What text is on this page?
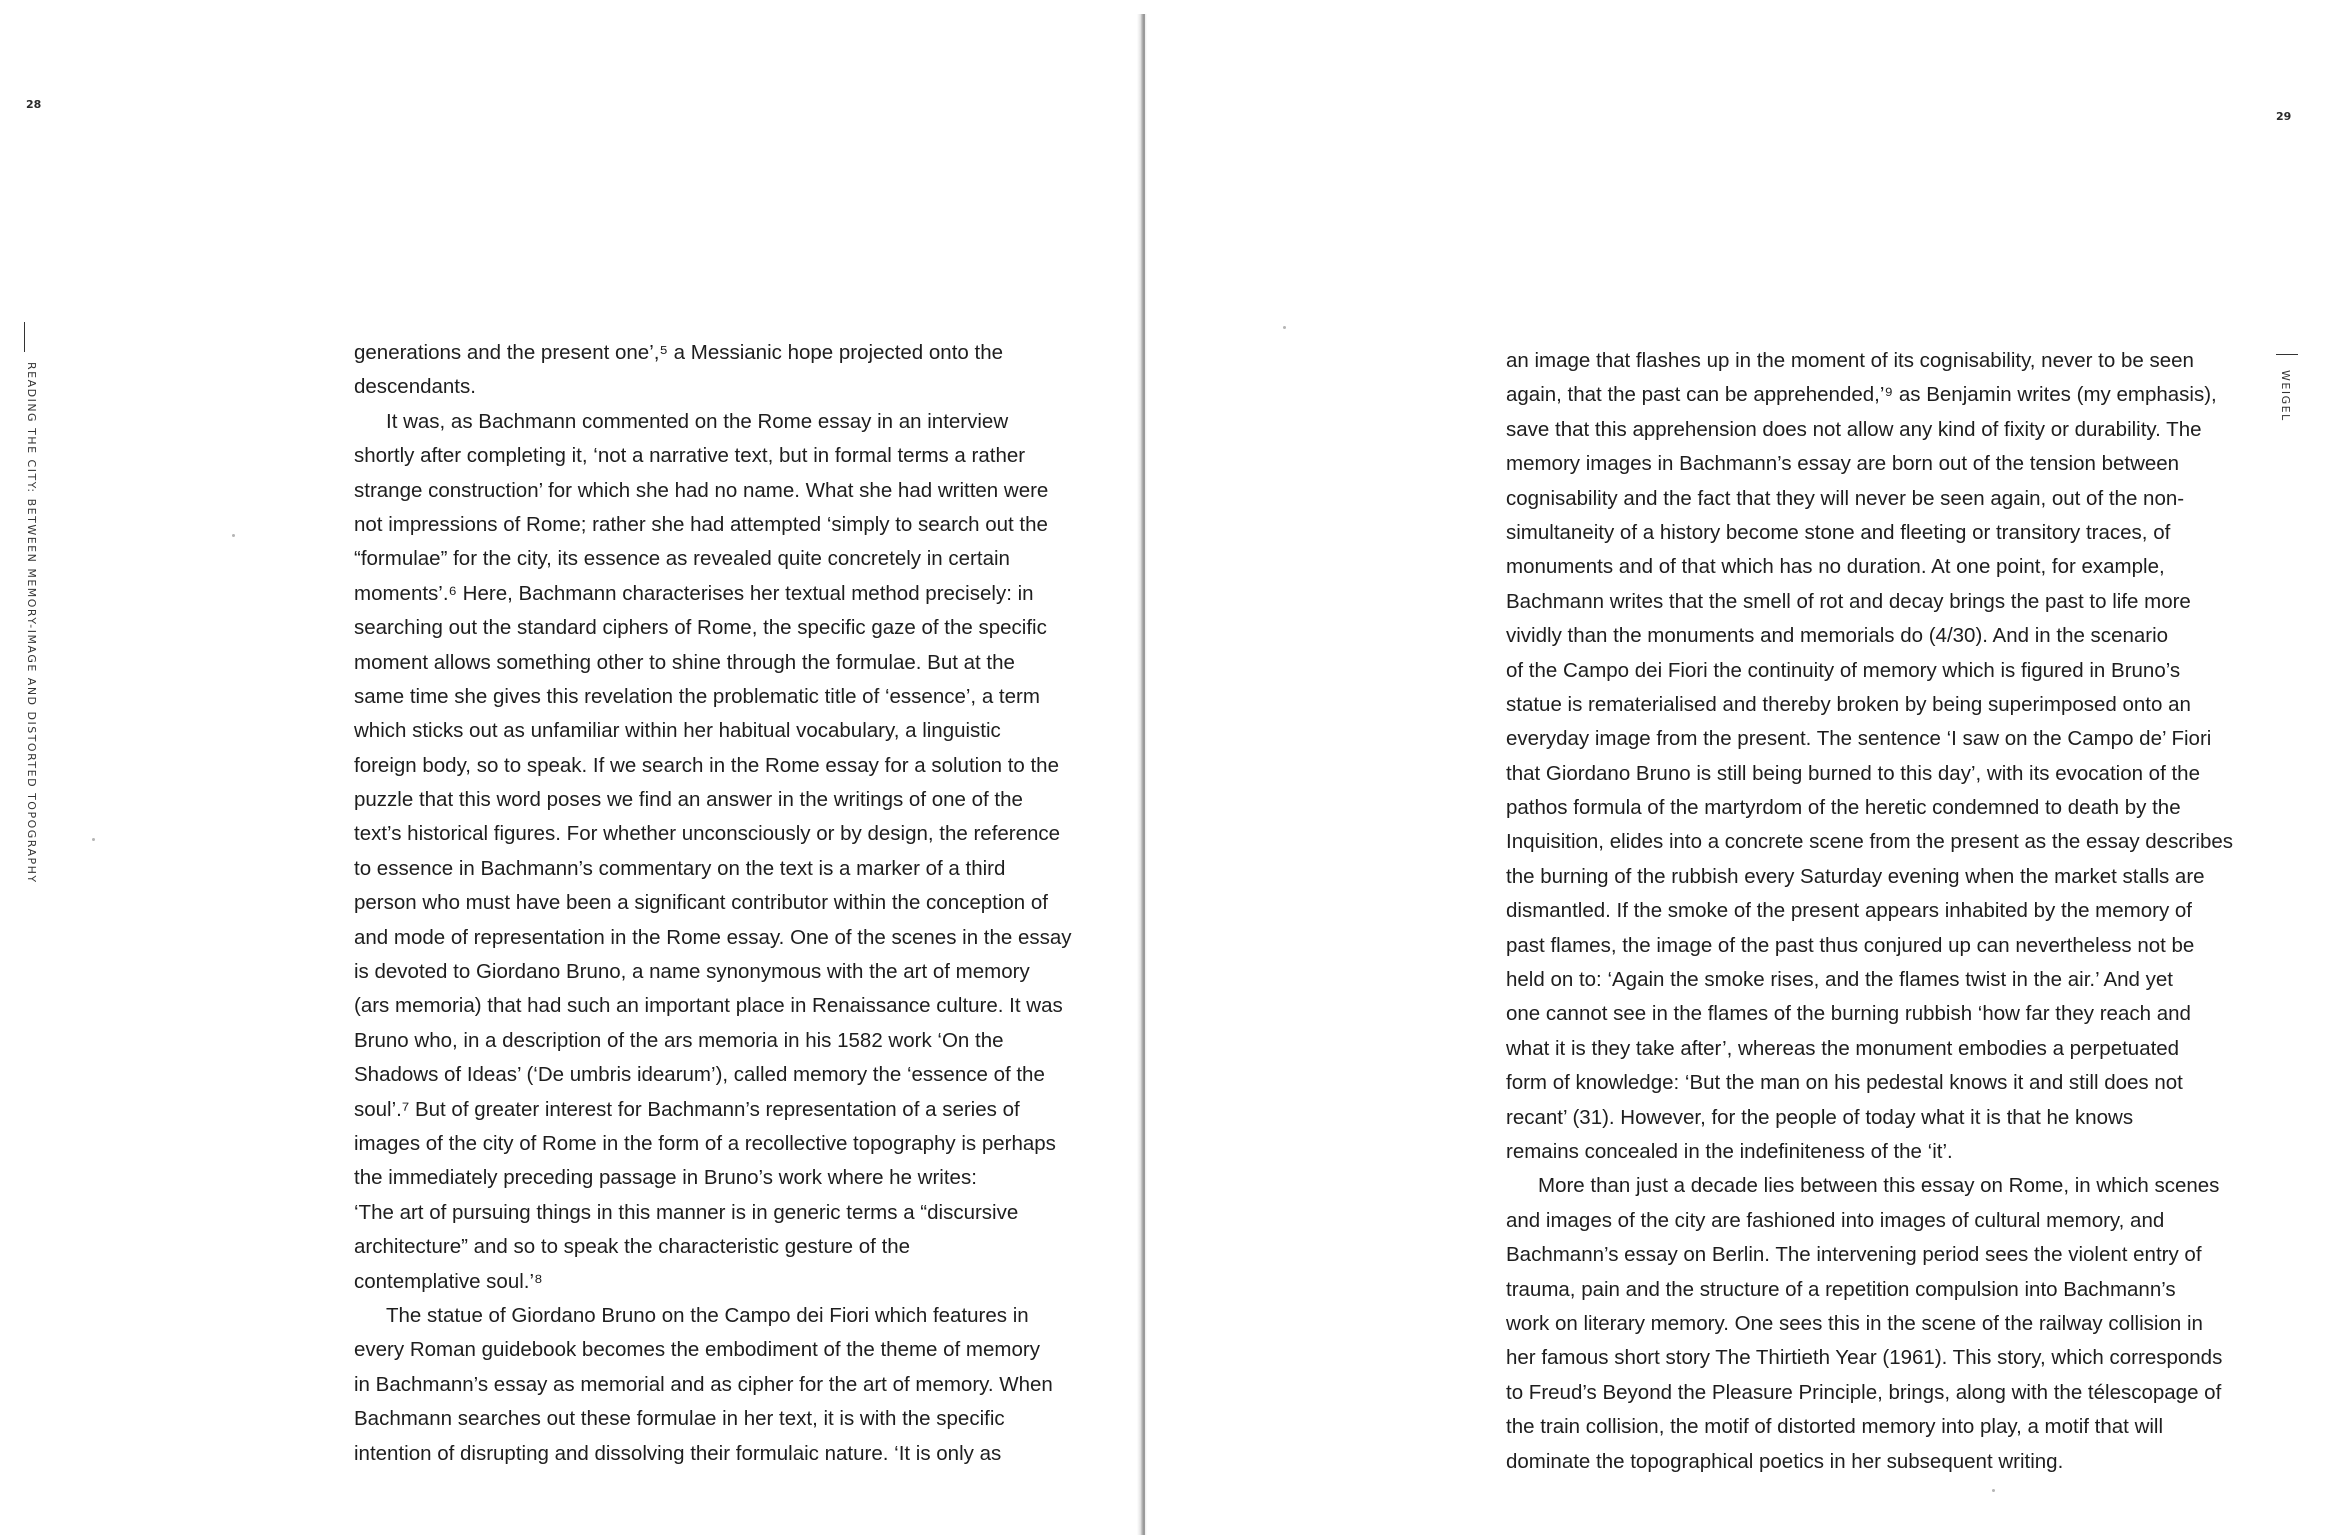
28
READING THE CITY: BETWEEN MEMORY-IMAGE AND DISTORTED TOPOGRAPHY
generations and the present one’,⁵ a Messianic hope projected onto the
descendants.
It was, as Bachmann commented on the Rome essay in an interview
shortly after completing it, ‘not a narrative text, but in formal terms a rather
strange construction’ for which she had no name. What she had written were
not impressions of Rome; rather she had attempted ‘simply to search out the
“formulae” for the city, its essence as revealed quite concretely in certain
moments’.⁶ Here, Bachmann characterises her textual method precisely: in
searching out the standard ciphers of Rome, the specific gaze of the specific
moment allows something other to shine through the formulae. But at the
same time she gives this revelation the problematic title of ‘essence’, a term
which sticks out as unfamiliar within her habitual vocabulary, a linguistic
foreign body, so to speak. If we search in the Rome essay for a solution to the
puzzle that this word poses we find an answer in the writings of one of the
text’s historical figures. For whether unconsciously or by design, the reference
to essence in Bachmann’s commentary on the text is a marker of a third
person who must have been a significant contributor within the conception of
and mode of representation in the Rome essay. One of the scenes in the essay
is devoted to Giordano Bruno, a name synonymous with the art of memory
(ars memoria) that had such an important place in Renaissance culture. It was
Bruno who, in a description of the ars memoria in his 1582 work ‘On the
Shadows of Ideas’ (‘De umbris idearum’), called memory the ‘essence of the
soul’.⁷ But of greater interest for Bachmann’s representation of a series of
images of the city of Rome in the form of a recollective topography is perhaps
the immediately preceding passage in Bruno’s work where he writes:
‘The art of pursuing things in this manner is in generic terms a “discursive
architecture” and so to speak the characteristic gesture of the
contemplative soul.’⁸
The statue of Giordano Bruno on the Campo dei Fiori which features in
every Roman guidebook becomes the embodiment of the theme of memory
in Bachmann’s essay as memorial and as cipher for the art of memory. When
Bachmann searches out these formulae in her text, it is with the specific
intention of disrupting and dissolving their formulaic nature. ‘It is only as
29
WEIGEL
an image that flashes up in the moment of its cognisability, never to be seen
again, that the past can be apprehended,’⁹ as Benjamin writes (my emphasis),
save that this apprehension does not allow any kind of fixity or durability. The
memory images in Bachmann’s essay are born out of the tension between
cognisability and the fact that they will never be seen again, out of the non-
simultaneity of a history become stone and fleeting or transitory traces, of
monuments and of that which has no duration. At one point, for example,
Bachmann writes that the smell of rot and decay brings the past to life more
vividly than the monuments and memorials do (4/30). And in the scenario
of the Campo dei Fiori the continuity of memory which is figured in Bruno’s
statue is rematerialised and thereby broken by being superimposed onto an
everyday image from the present. The sentence ‘I saw on the Campo de’ Fiori
that Giordano Bruno is still being burned to this day’, with its evocation of the
pathos formula of the martyrdom of the heretic condemned to death by the
Inquisition, elides into a concrete scene from the present as the essay describes
the burning of the rubbish every Saturday evening when the market stalls are
dismantled. If the smoke of the present appears inhabited by the memory of
past flames, the image of the past thus conjured up can nevertheless not be
held on to: ‘Again the smoke rises, and the flames twist in the air.’ And yet
one cannot see in the flames of the burning rubbish ‘how far they reach and
what it is they take after’, whereas the monument embodies a perpetuated
form of knowledge: ‘But the man on his pedestal knows it and still does not
recant’ (31). However, for the people of today what it is that he knows
remains concealed in the indefiniteness of the ‘it’.
More than just a decade lies between this essay on Rome, in which scenes
and images of the city are fashioned into images of cultural memory, and
Bachmann’s essay on Berlin. The intervening period sees the violent entry of
trauma, pain and the structure of a repetition compulsion into Bachmann’s
work on literary memory. One sees this in the scene of the railway collision in
her famous short story The Thirtieth Year (1961). This story, which corresponds
to Freud’s Beyond the Pleasure Principle, brings, along with the télescopage of
the train collision, the motif of distorted memory into play, a motif that will
dominate the topographical poetics in her subsequent writing.
